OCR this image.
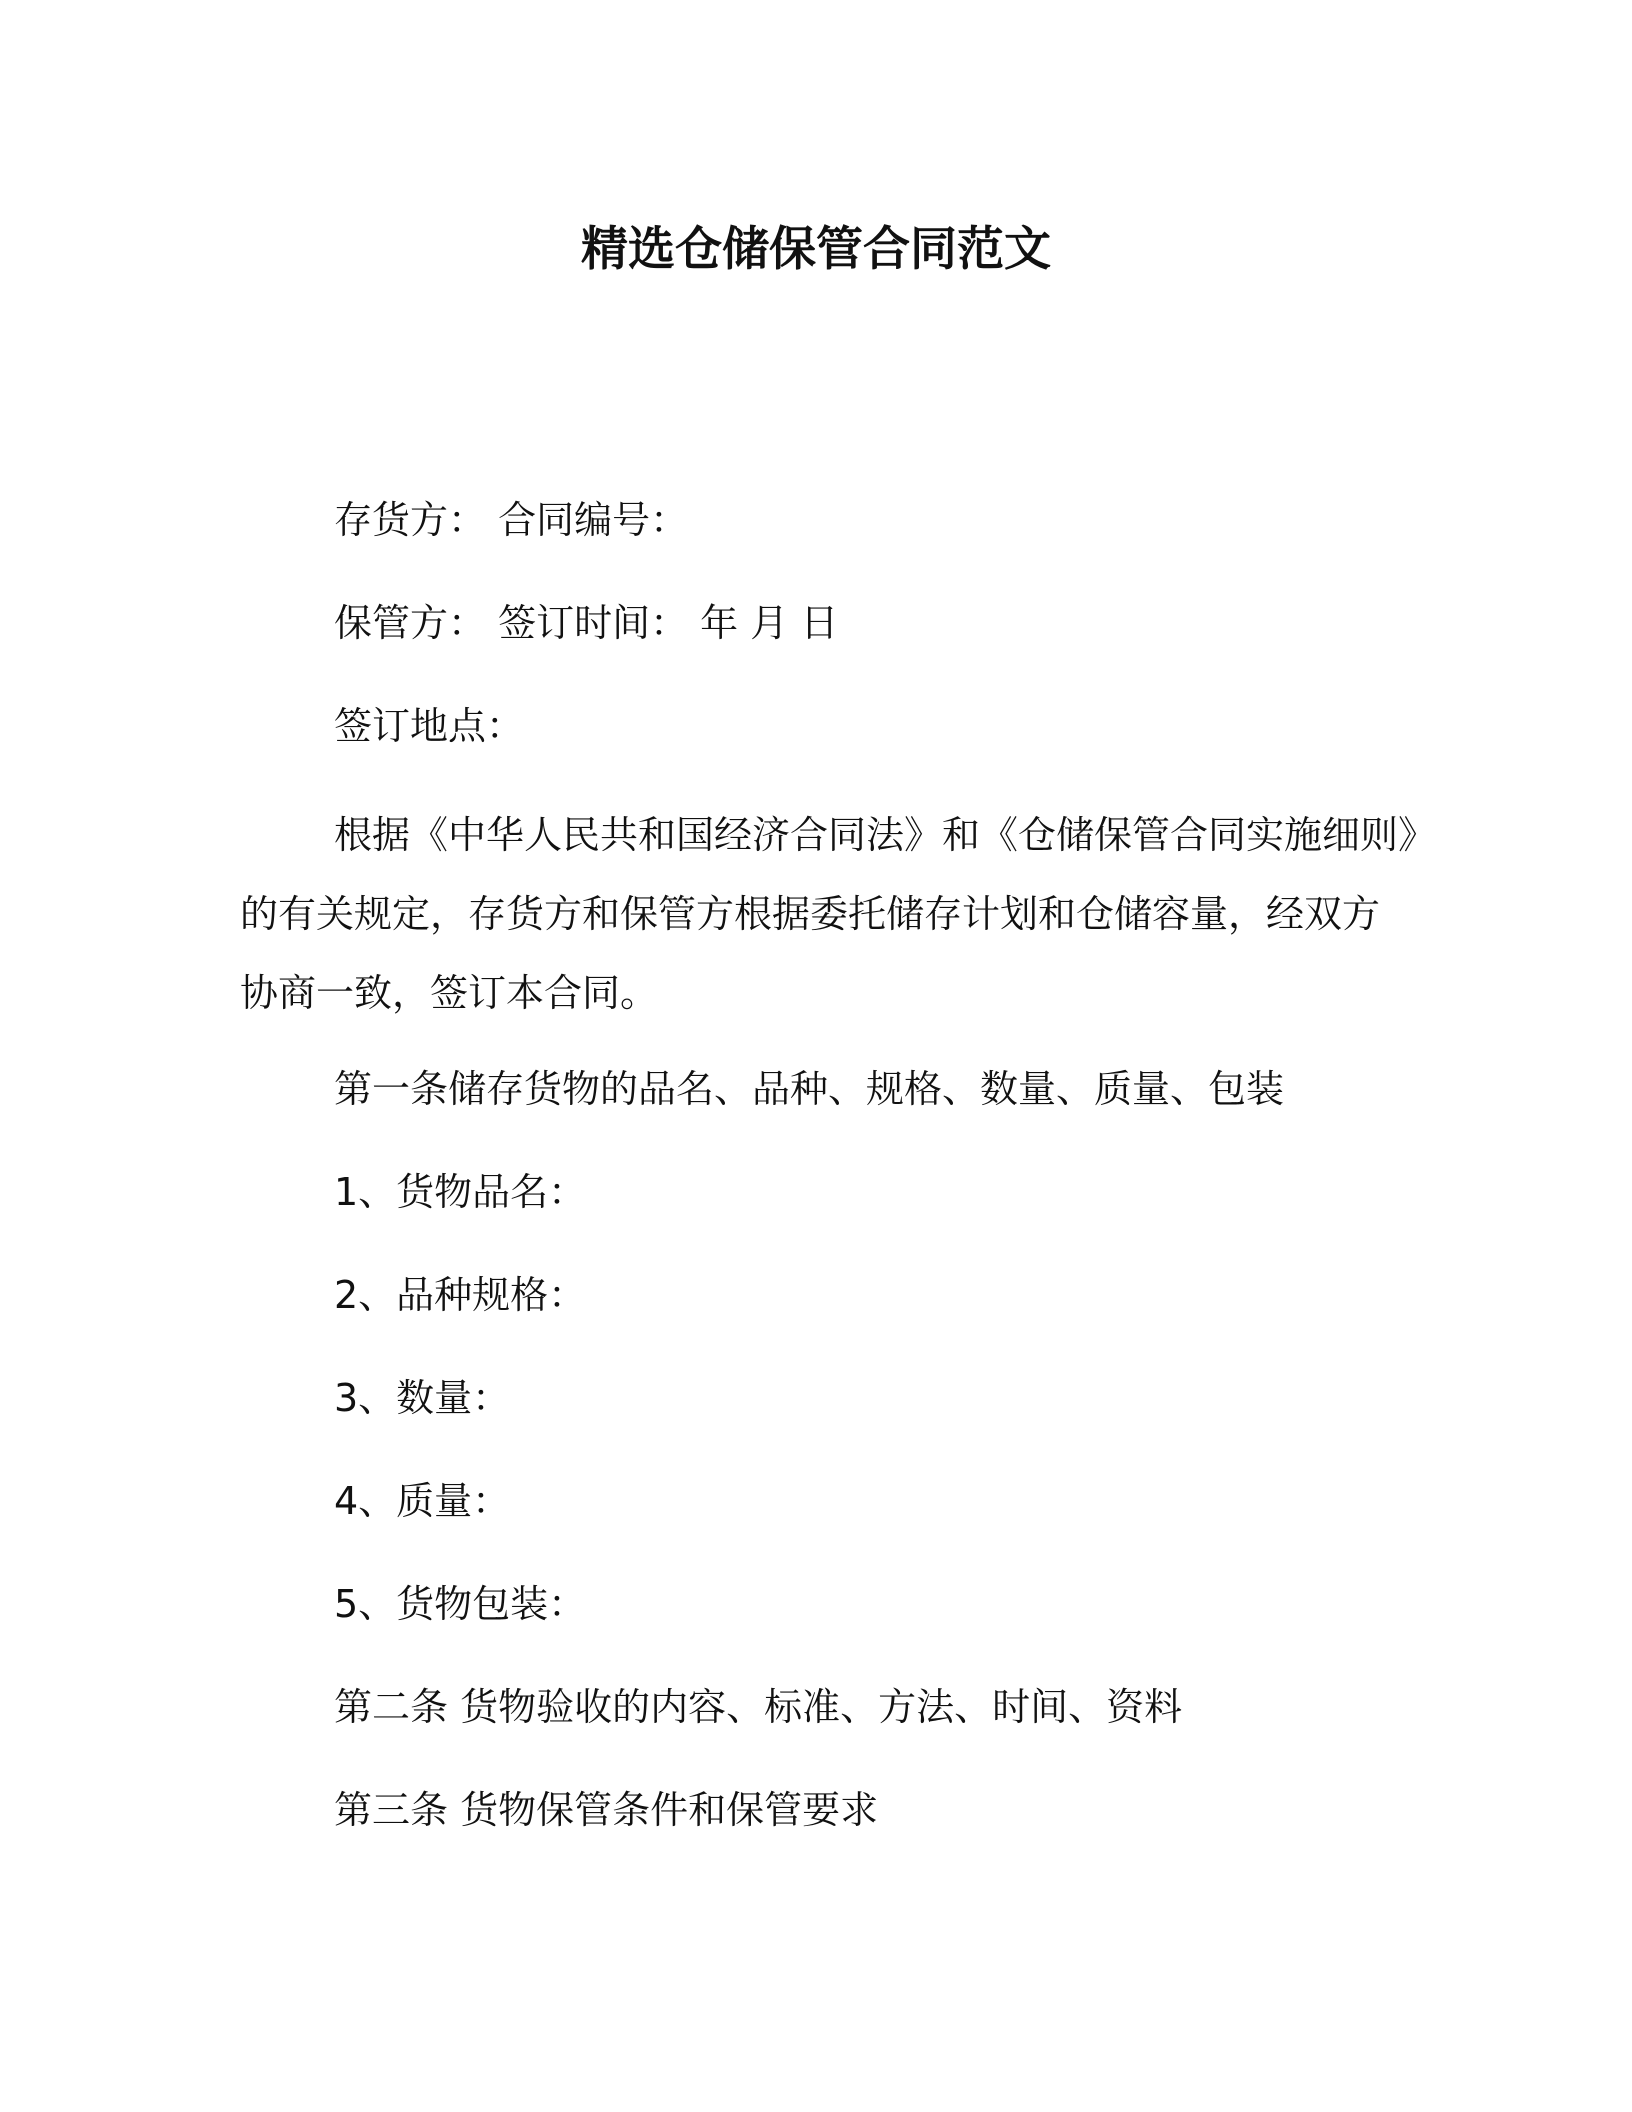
精选仓储保管合同范文

存货方： 合同编号：

保管方： 签订时间： 年 月 日

签订地点：

根据《中华人民共和国经济合同法》和《仓储保管合同实施细则》
的有关规定，存货方和保管方根据委托储存计划和仓储容量，经双方
协商一致，签订本合同。

第一条储存货物的品名、品种、规格、数量、质量、包装

1、货物品名：

2、品种规格：

3、数量：

4、质量：

5、货物包装：

第二条 货物验收的内容、标准、方法、时间、资料

第三条 货物保管条件和保管要求
